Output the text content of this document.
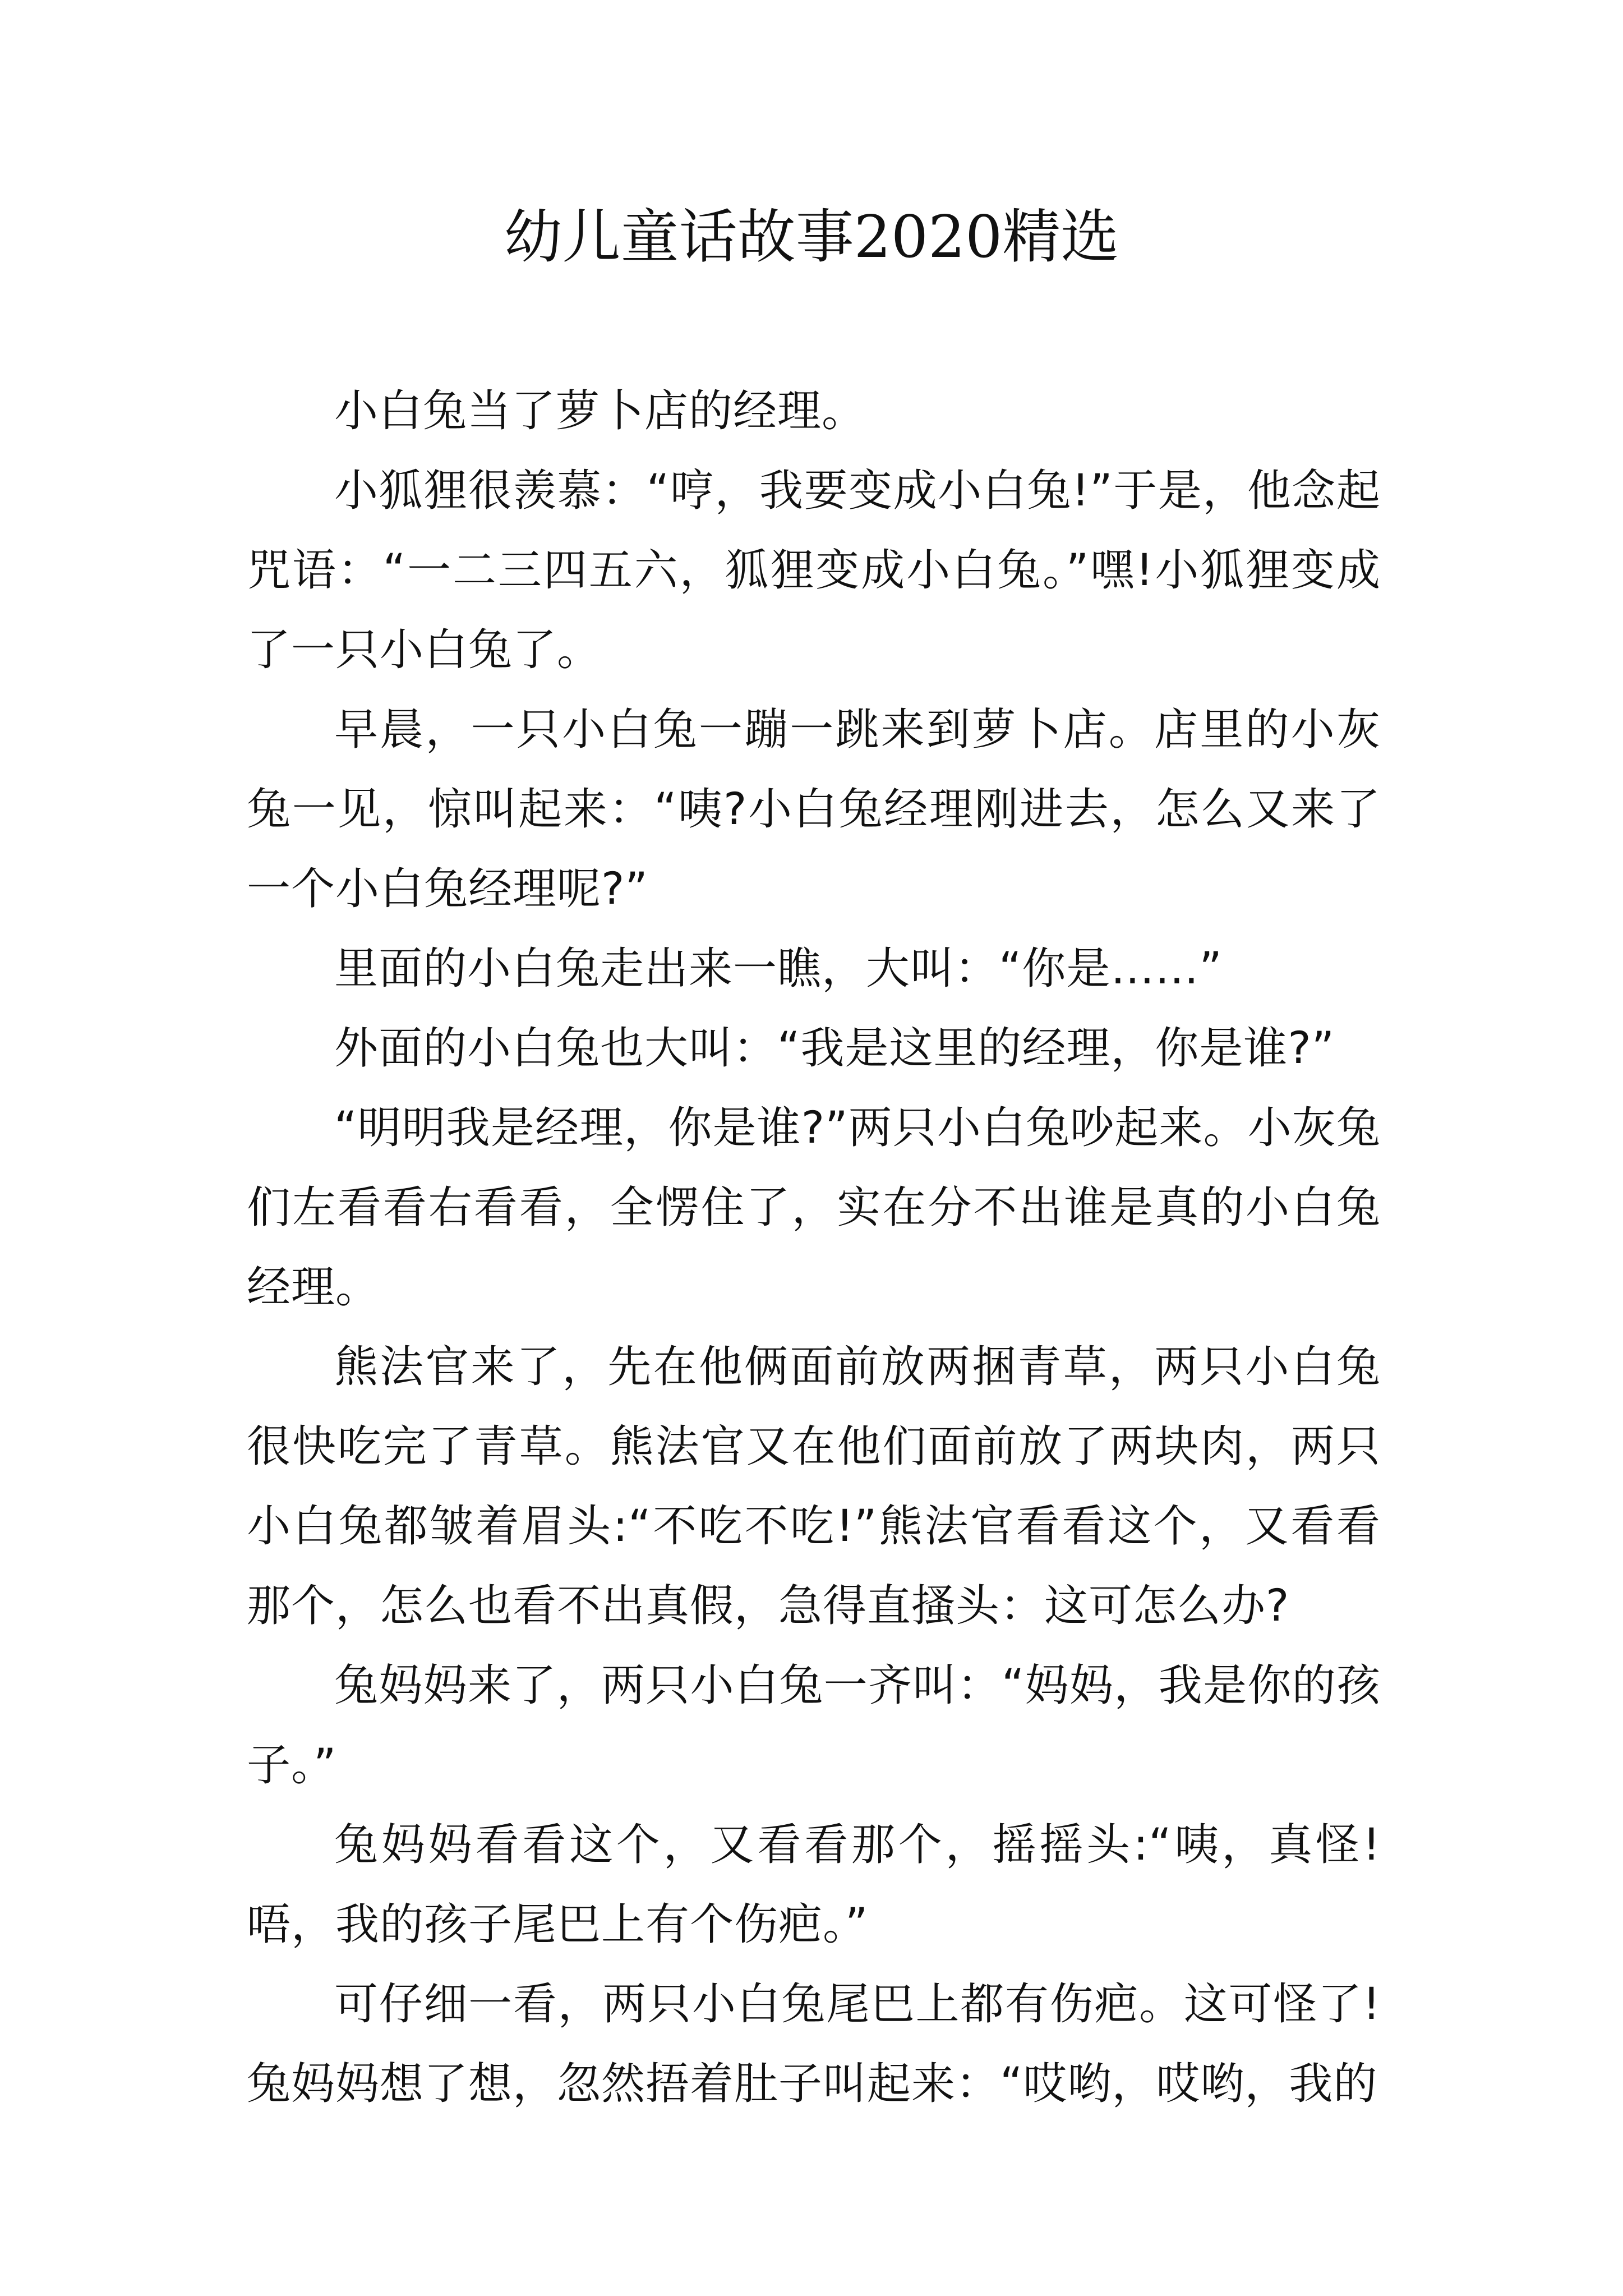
幼儿童话故事2020精选

小白兔当了萝卜店的经理。

小狐狸很羡慕：“哼，我要变成小白兔!”于是，他念起咒语：“一二三四五六，狐狸变成小白兔。”嘿!小狐狸变成了一只小白兔了。

早晨，一只小白兔一蹦一跳来到萝卜店。店里的小灰兔一见，惊叫起来：“咦?小白兔经理刚进去，怎么又来了一个小白兔经理呢?”

里面的小白兔走出来一瞧，大叫：“你是……”

外面的小白兔也大叫：“我是这里的经理，你是谁?”

“明明我是经理，你是谁?”两只小白兔吵起来。小灰兔们左看看右看看，全愣住了，实在分不出谁是真的小白兔经理。

熊法官来了，先在他俩面前放两捆青草，两只小白兔很快吃完了青草。熊法官又在他们面前放了两块肉，两只小白兔都皱着眉头:“不吃不吃!”熊法官看看这个，又看看那个，怎么也看不出真假，急得直搔头：这可怎么办?

兔妈妈来了，两只小白兔一齐叫：“妈妈，我是你的孩子。”

兔妈妈看看这个，又看看那个，摇摇头:“咦，真怪!唔，我的孩子尾巴上有个伤疤。”

可仔细一看，两只小白兔尾巴上都有伤疤。这可怪了!兔妈妈想了想，忽然捂着肚子叫起来：“哎哟，哎哟，我的
